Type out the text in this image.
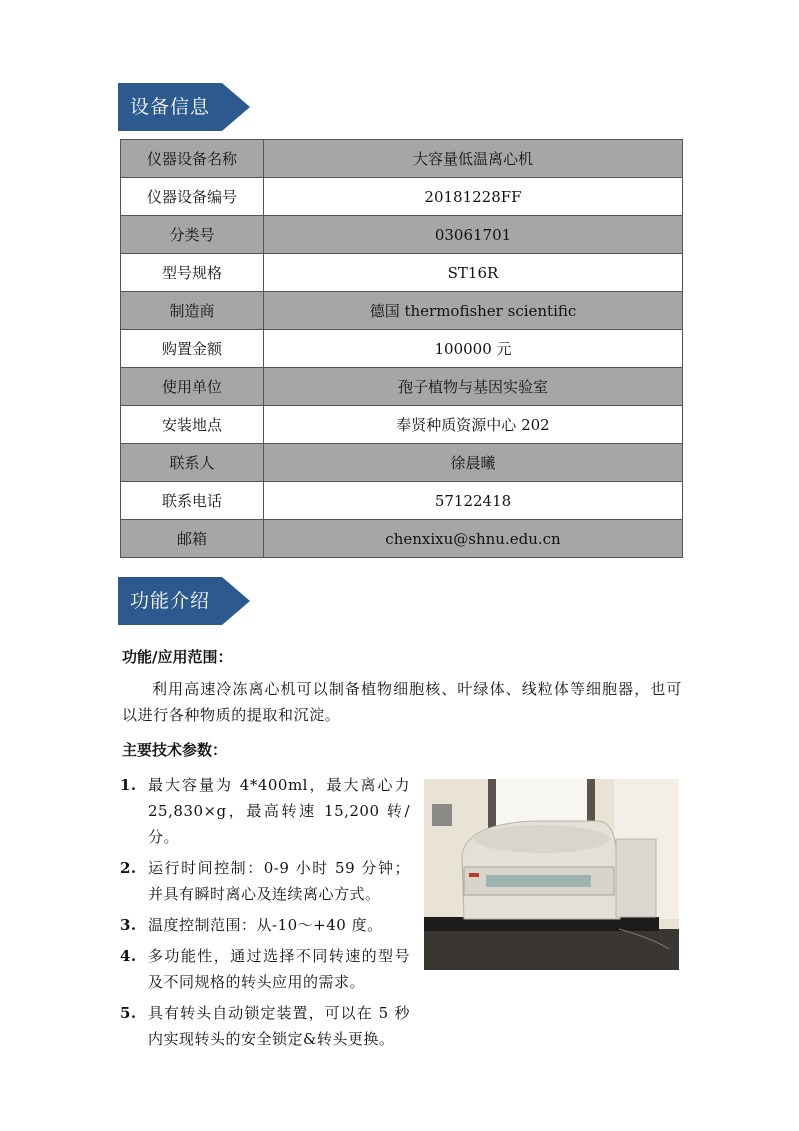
设备信息
仪器设备名称	大容量低温离心机
仪器设备编号	20181228FF
分类号	03061701
型号规格	ST16R
制造商	德国 thermofisher scientific
购置金额	100000 元
使用单位	孢子植物与基因实验室
安装地点	奉贤种质资源中心 202
联系人	徐晨曦
联系电话	57122418
邮箱	chenxixu@shnu.edu.cn
功能介绍
功能/应用范围：
利用高速冷冻离心机可以制备植物细胞核、叶绿体、线粒体等细胞器，也可以进行各种物质的提取和沉淀。
主要技术参数：
1. 最大容量为 4*400ml，最大离心力 25,830×g，最高转速 15,200 转/分。
2. 运行时间控制：0-9 小时 59 分钟；并具有瞬时离心及连续离心方式。
3. 温度控制范围：从-10～+40 度。
4. 多功能性，通过选择不同转速的型号及不同规格的转头应用的需求。
5. 具有转头自动锁定装置，可以在 5 秒内实现转头的安全锁定&转头更换。
